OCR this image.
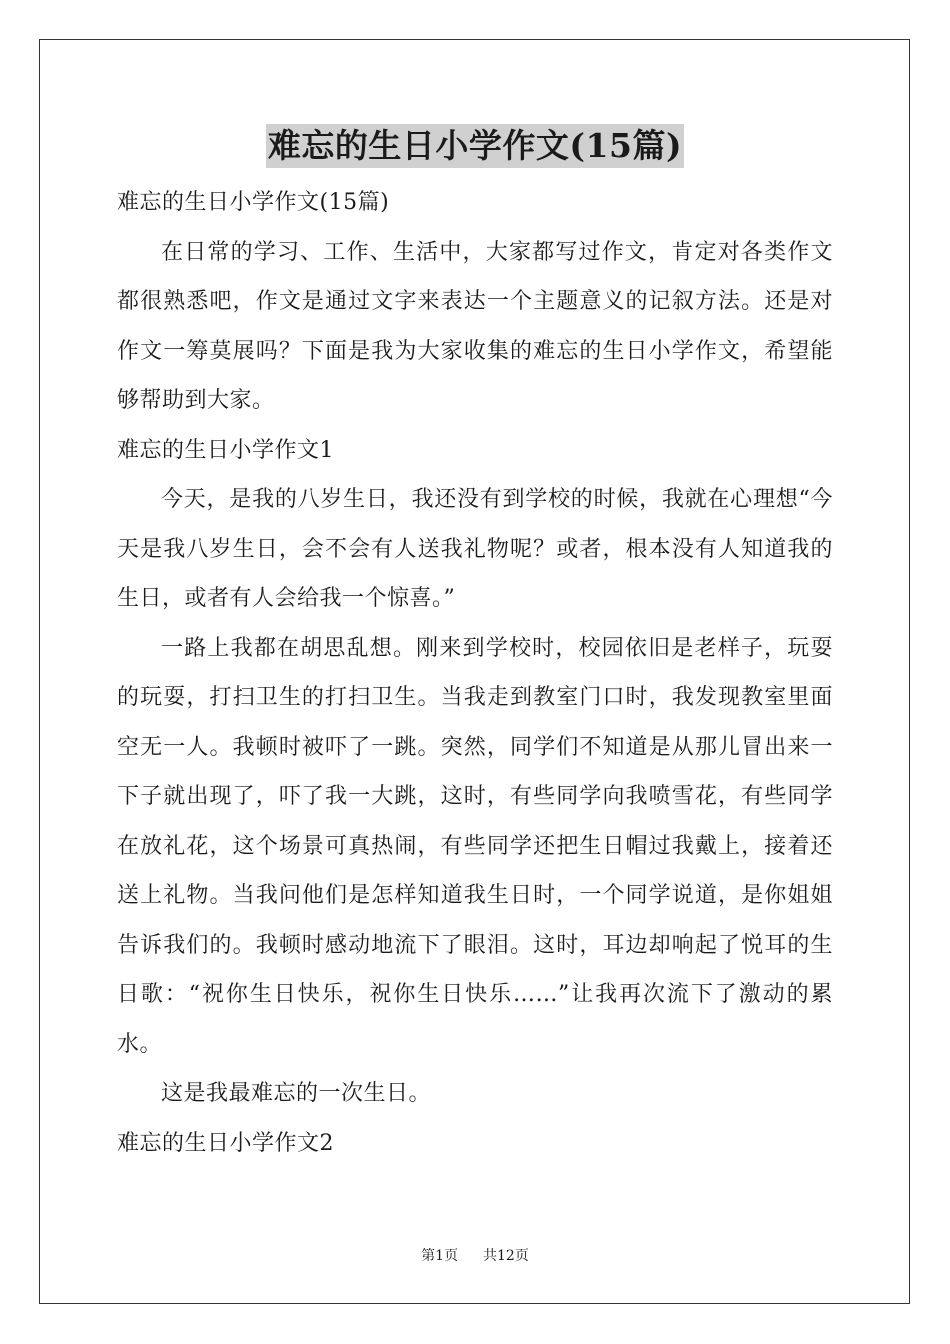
难忘的生日小学作文(15篇)

难忘的生日小学作文(15篇)

在日常的学习、工作、生活中，大家都写过作文，肯定对各类作文都很熟悉吧，作文是通过文字来表达一个主题意义的记叙方法。还是对作文一筹莫展吗？下面是我为大家收集的难忘的生日小学作文，希望能够帮助到大家。

难忘的生日小学作文1

今天，是我的八岁生日，我还没有到学校的时候，我就在心理想“今天是我八岁生日，会不会有人送我礼物呢？或者，根本没有人知道我的生日，或者有人会给我一个惊喜。”

一路上我都在胡思乱想。刚来到学校时，校园依旧是老样子，玩耍的玩耍，打扫卫生的打扫卫生。当我走到教室门口时，我发现教室里面空无一人。我顿时被吓了一跳。突然，同学们不知道是从那儿冒出来一下子就出现了，吓了我一大跳，这时，有些同学向我喷雪花，有些同学在放礼花，这个场景可真热闹，有些同学还把生日帽过我戴上，接着还送上礼物。当我问他们是怎样知道我生日时，一个同学说道，是你姐姐告诉我们的。我顿时感动地流下了眼泪。这时，耳边却响起了悦耳的生日歌：“祝你生日快乐，祝你生日快乐……”让我再次流下了激动的累水。

这是我最难忘的一次生日。

难忘的生日小学作文2

第1页 共12页
